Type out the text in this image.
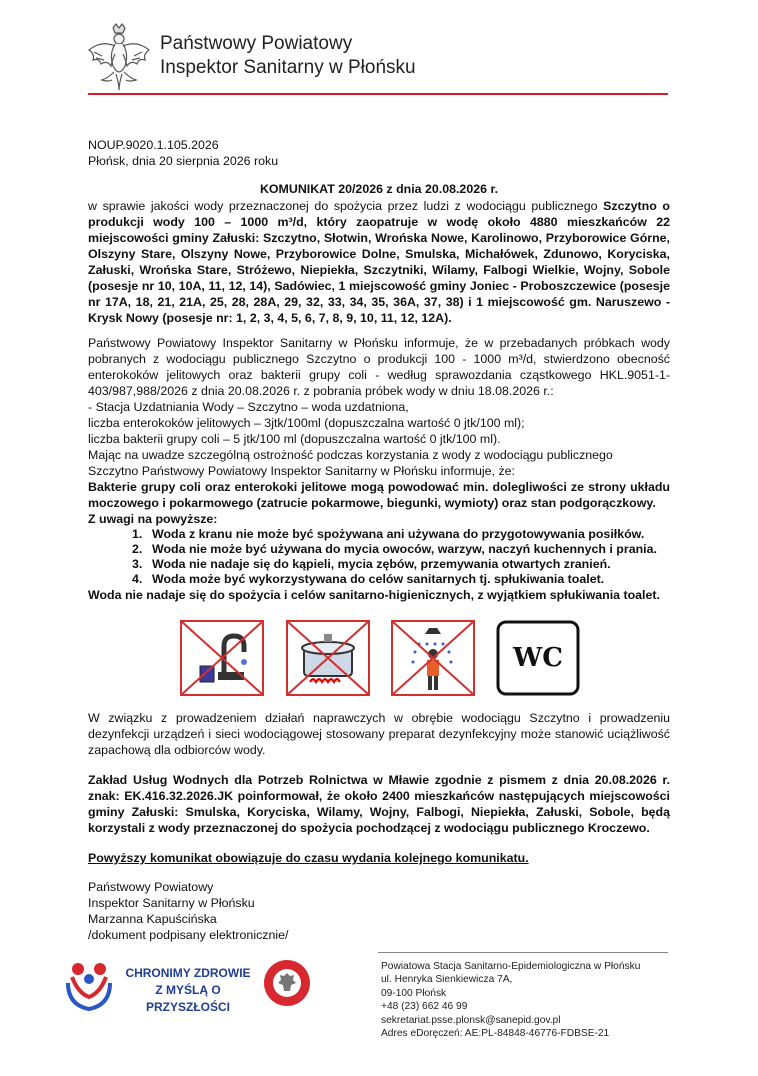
Państwowy Powiatowy
Inspektor Sanitarny w Płońsku
NOUP.9020.1.105.2026
Płońsk, dnia 20 sierpnia 2026 roku
KOMUNIKAT 20/2026 z dnia 20.08.2026 r.

w sprawie jakości wody przeznaczonej do spożycia przez ludzi z wodociągu publicznego Szczytno o produkcji wody 100 – 1000 m³/d, który zaopatruje w wodę około 4880 mieszkańców 22 miejscowości gminy Załuski: Szczytno, Słotwin, Wrońska Nowe, Karolinowo, Przyborowice Górne, Olszyny Stare, Olszyny Nowe, Przyborowice Dolne, Smulska, Michałówek, Zdunowo, Koryciska, Załuski, Wrońska Stare, Stróżewo, Niepiekła, Szczytniki, Wilamy, Falbogi Wielkie, Wojny, Sobole (posesje nr 10, 10A, 11, 12, 14), Sadówiec, 1 miejscowość gminy Joniec - Proboszczewice (posesje nr 17A, 18, 21, 21A, 25, 28, 28A, 29, 32, 33, 34, 35, 36A, 37, 38) i 1 miejscowość gm. Naruszewo - Krysk Nowy (posesje nr: 1, 2, 3, 4, 5, 6, 7, 8, 9, 10, 11, 12, 12A).

Państwowy Powiatowy Inspektor Sanitarny w Płońsku informuje, że w przebadanych próbkach wody pobranych z wodociągu publicznego Szczytno o produkcji 100 - 1000 m³/d, stwierdzono obecność enterokoków jelitowych oraz bakterii grupy coli - według sprawozdania cząstkowego HKL.9051-1-403/987,988/2026 z dnia 20.08.2026 r. z pobrania próbek wody w dniu 18.08.2026 r.:

- Stacja Uzdatniania Wody – Szczytno – woda uzdatniona,
liczba enterokoków jelitowych – 3jtk/100ml (dopuszczalna wartość 0 jtk/100 ml);
liczba bakterii grupy coli – 5 jtk/100 ml (dopuszczalna wartość 0 jtk/100 ml).
Mając na uwadze szczególną ostrożność podczas korzystania z wody z wodociągu publicznego
Szczytno Państwowy Powiatowy Inspektor Sanitarny w Płońsku informuje, że:

Bakterie grupy coli oraz enterokoki jelitowe mogą powodować min. dolegliwości ze strony układu moczowego i pokarmowego (zatrucie pokarmowe, biegunki, wymioty) oraz stan podgorączkowy.

Z uwagi na powyższe:
1. Woda z kranu nie może być spożywana ani używana do przygotowywania posiłków.
2. Woda nie może być używana do mycia owoców, warzyw, naczyń kuchennych i prania.
3. Woda nie nadaje się do kąpieli, mycia zębów, przemywania otwartych zranień.
4. Woda może być wykorzystywana do celów sanitarnych tj. spłukiwania toalet.
Woda nie nadaje się do spożycia i celów sanitarno-higienicznych, z wyjątkiem spłukiwania toalet.
WC
W związku z prowadzeniem działań naprawczych w obrębie wodociągu Szczytno i prowadzeniu dezynfekcji urządzeń i sieci wodociągowej stosowany preparat dezynfekcyjny może stanowić uciążliwość zapachową dla odbiorców wody.
Zakład Usług Wodnych dla Potrzeb Rolnictwa w Mławie zgodnie z pismem z dnia 20.08.2026 r. znak: EK.416.32.2026.JK poinformował, że około 2400 mieszkańców następujących miejscowości gminy Załuski: Smulska, Koryciska, Wilamy, Wojny, Falbogi, Niepiekła, Załuski, Sobole, będą korzystali z wody przeznaczonej do spożycia pochodzącej z wodociągu publicznego Kroczewo.
Powyższy komunikat obowiązuje do czasu wydania kolejnego komunikatu.
Państwowy Powiatowy
Inspektor Sanitarny w Płońsku
Marzanna Kapuścińska
/dokument podpisany elektronicznie/
CHRONIMY ZDROWIE
Z MYŚLĄ O PRZYSZŁOŚCI
Powiatowa Stacja Sanitarno-Epidemiologiczna w Płońsku
ul. Henryka Sienkiewicza 7A,
09-100 Płońsk
+48 (23) 662 46 99
sekretariat.psse.plonsk@sanepid.gov.pl
Adres eDoręczeń: AE:PL-84848-46776-FDBSE-21
